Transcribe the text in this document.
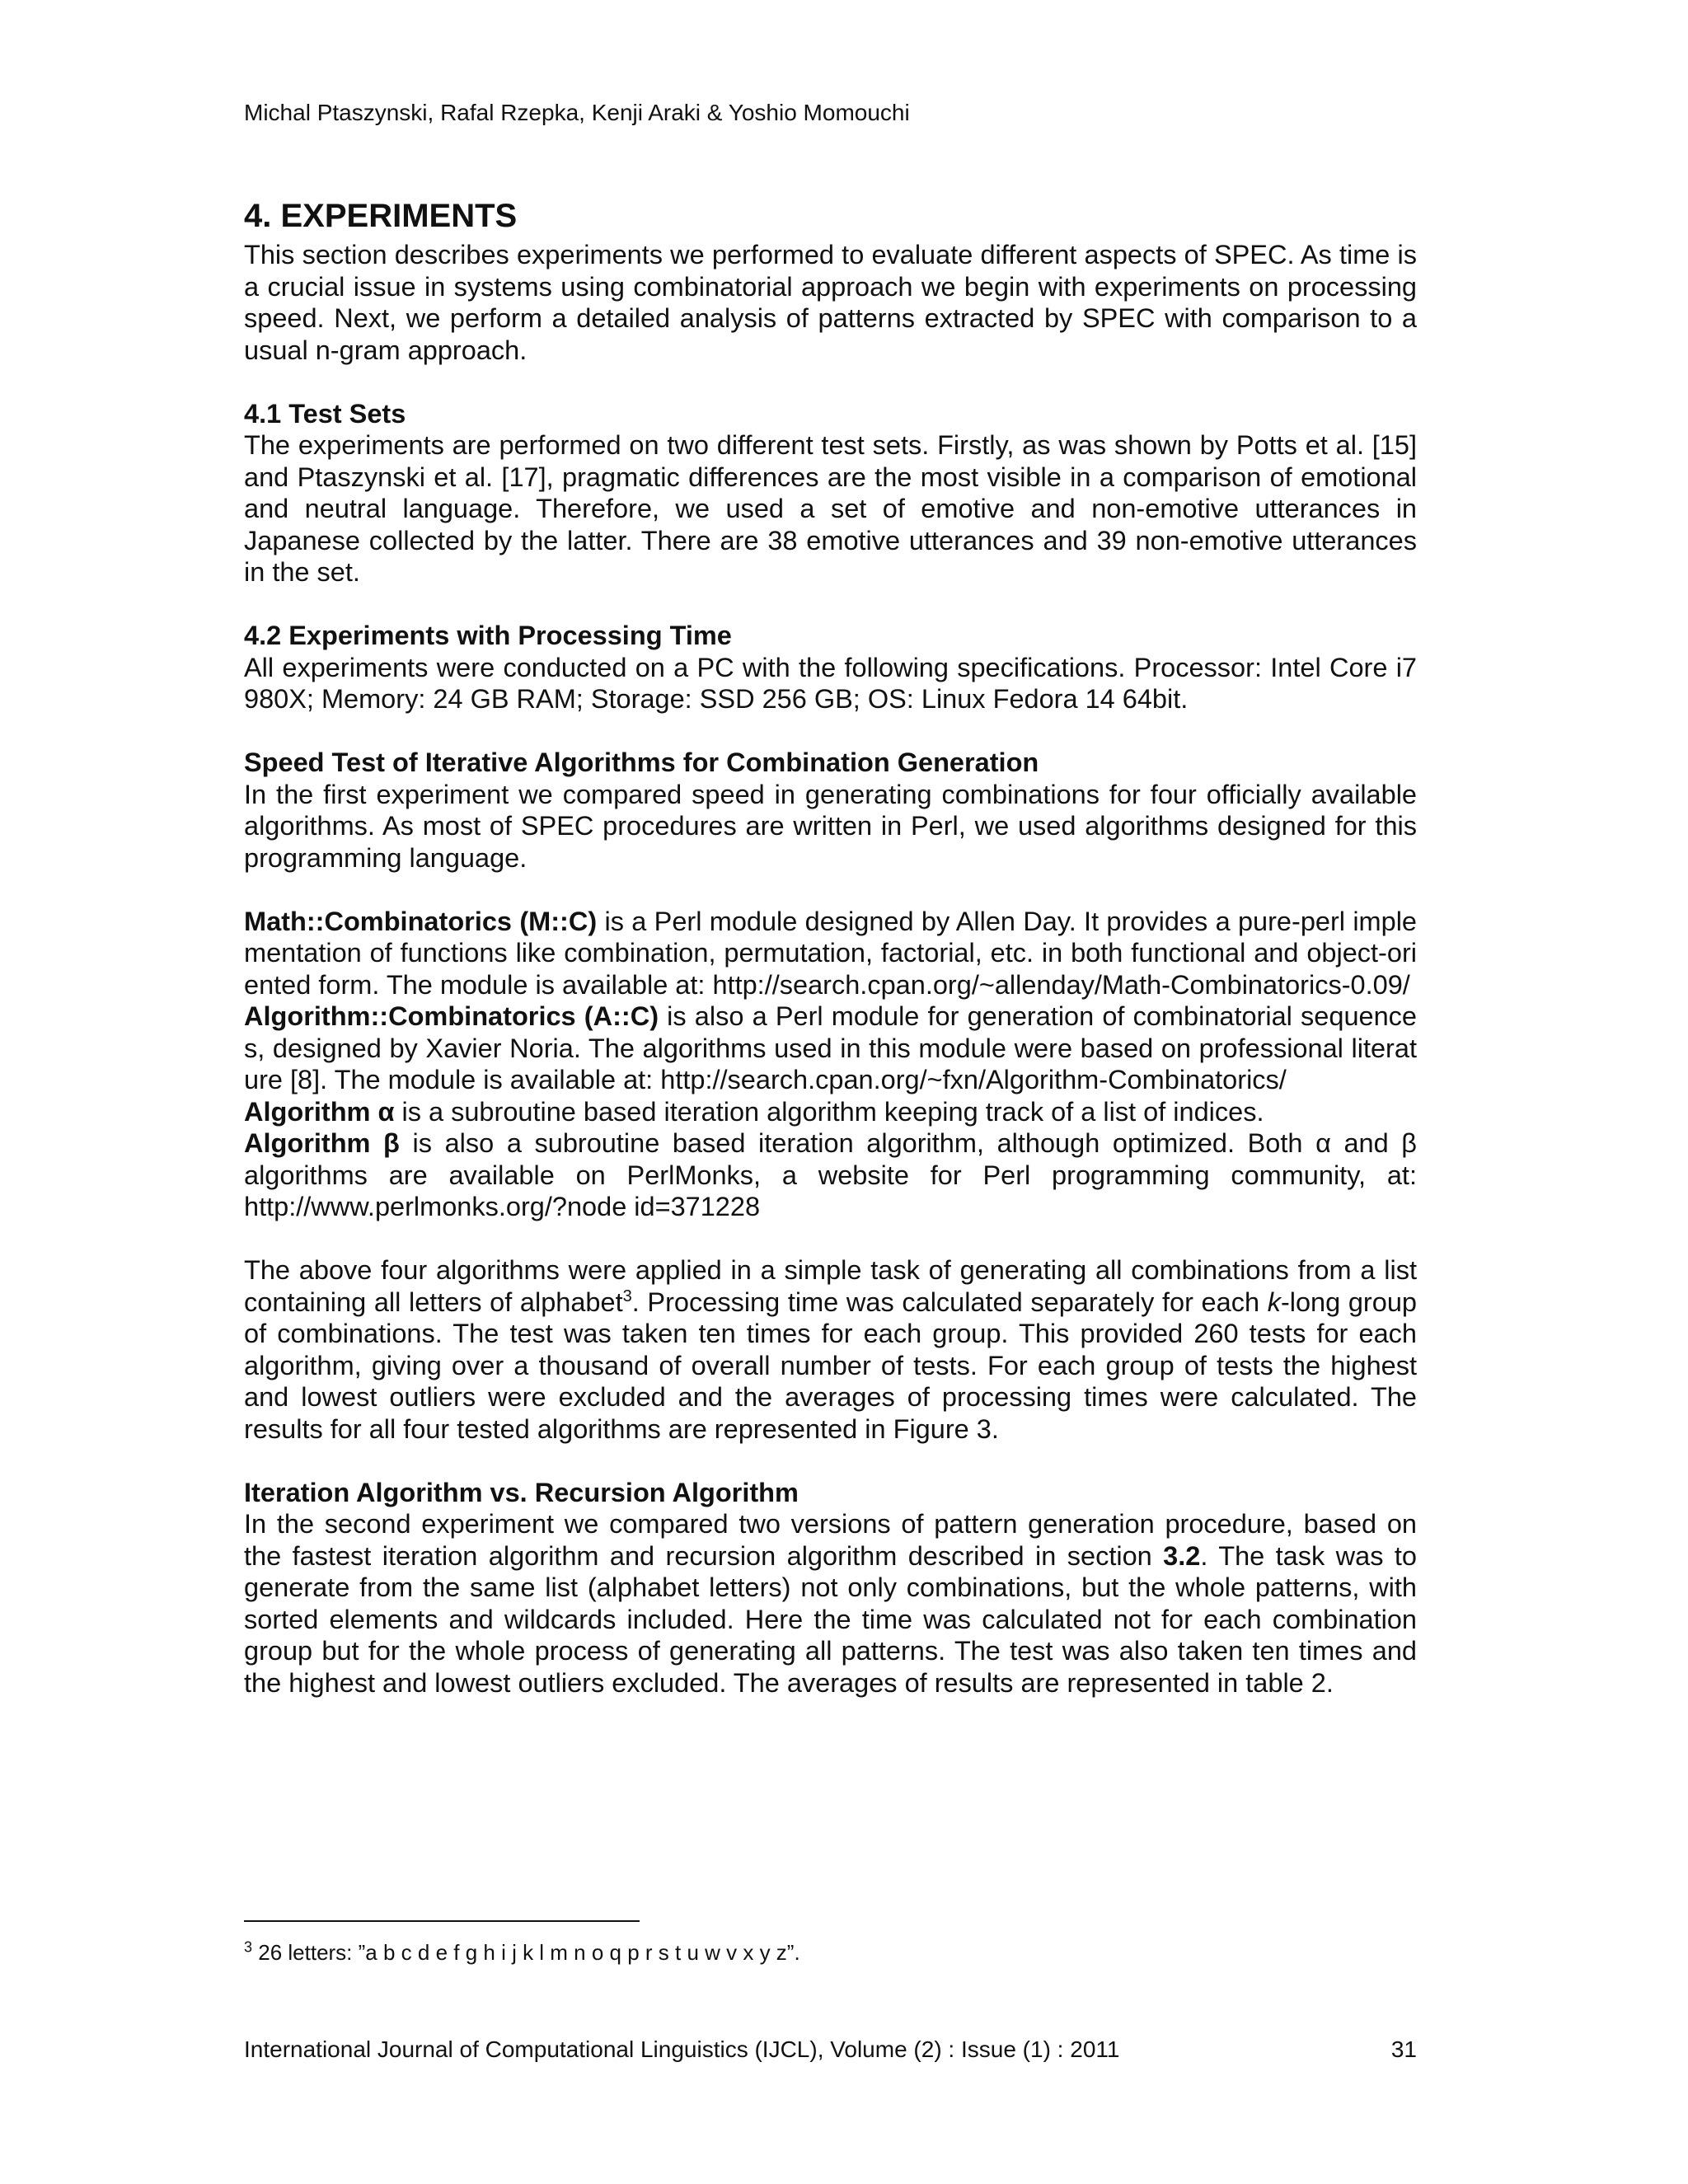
Michal Ptaszynski, Rafal Rzepka, Kenji Araki & Yoshio Momouchi
4. EXPERIMENTS

This section describes experiments we performed to evaluate different aspects of SPEC. As time is a crucial issue in systems using combinatorial approach we begin with experiments on processing speed. Next, we perform a detailed analysis of patterns extracted by SPEC with comparison to a usual n-gram approach.

4.1 Test Sets

The experiments are performed on two different test sets. Firstly, as was shown by Potts et al. [15] and Ptaszynski et al. [17], pragmatic differences are the most visible in a comparison of emotional and neutral language. Therefore, we used a set of emotive and non-emotive utterances in Japanese collected by the latter. There are 38 emotive utterances and 39 non-emotive utterances in the set.

4.2 Experiments with Processing Time

All experiments were conducted on a PC with the following specifications. Processor: Intel Core i7 980X; Memory: 24 GB RAM; Storage: SSD 256 GB; OS: Linux Fedora 14 64bit.

Speed Test of Iterative Algorithms for Combination Generation

In the first experiment we compared speed in generating combinations for four officially available algorithms. As most of SPEC procedures are written in Perl, we used algorithms designed for this programming language.

Math::Combinatorics (M::C) is a Perl module designed by Allen Day. It provides a pure-perl implementation of functions like combination, permutation, factorial, etc. in both functional and object-oriented form. The module is available at: http://search.cpan.org/~allenday/Math-Combinatorics-0.09/

Algorithm::Combinatorics (A::C) is also a Perl module for generation of combinatorial sequences, designed by Xavier Noria. The algorithms used in this module were based on professional literature [8]. The module is available at: http://search.cpan.org/~fxn/Algorithm-Combinatorics/

Algorithm α is a subroutine based iteration algorithm keeping track of a list of indices.

Algorithm β is also a subroutine based iteration algorithm, although optimized. Both α and β algorithms are available on PerlMonks, a website for Perl programming community, at: http://www.perlmonks.org/?node id=371228

The above four algorithms were applied in a simple task of generating all combinations from a list containing all letters of alphabet$^3$. Processing time was calculated separately for each k-long group of combinations. The test was taken ten times for each group. This provided 260 tests for each algorithm, giving over a thousand of overall number of tests. For each group of tests the highest and lowest outliers were excluded and the averages of processing times were calculated. The results for all four tested algorithms are represented in Figure 3.

Iteration Algorithm vs. Recursion Algorithm

In the second experiment we compared two versions of pattern generation procedure, based on the fastest iteration algorithm and recursion algorithm described in section 3.2. The task was to generate from the same list (alphabet letters) not only combinations, but the whole patterns, with sorted elements and wildcards included. Here the time was calculated not for each combination group but for the whole process of generating all patterns. The test was also taken ten times and the highest and lowest outliers excluded. The averages of results are represented in table 2.

$^3$ 26 letters: ”a b c d e f g h i j k l m n o q p r s t u w v x y z”.
International Journal of Computational Linguistics (IJCL), Volume (2) : Issue (1) : 2011	31
